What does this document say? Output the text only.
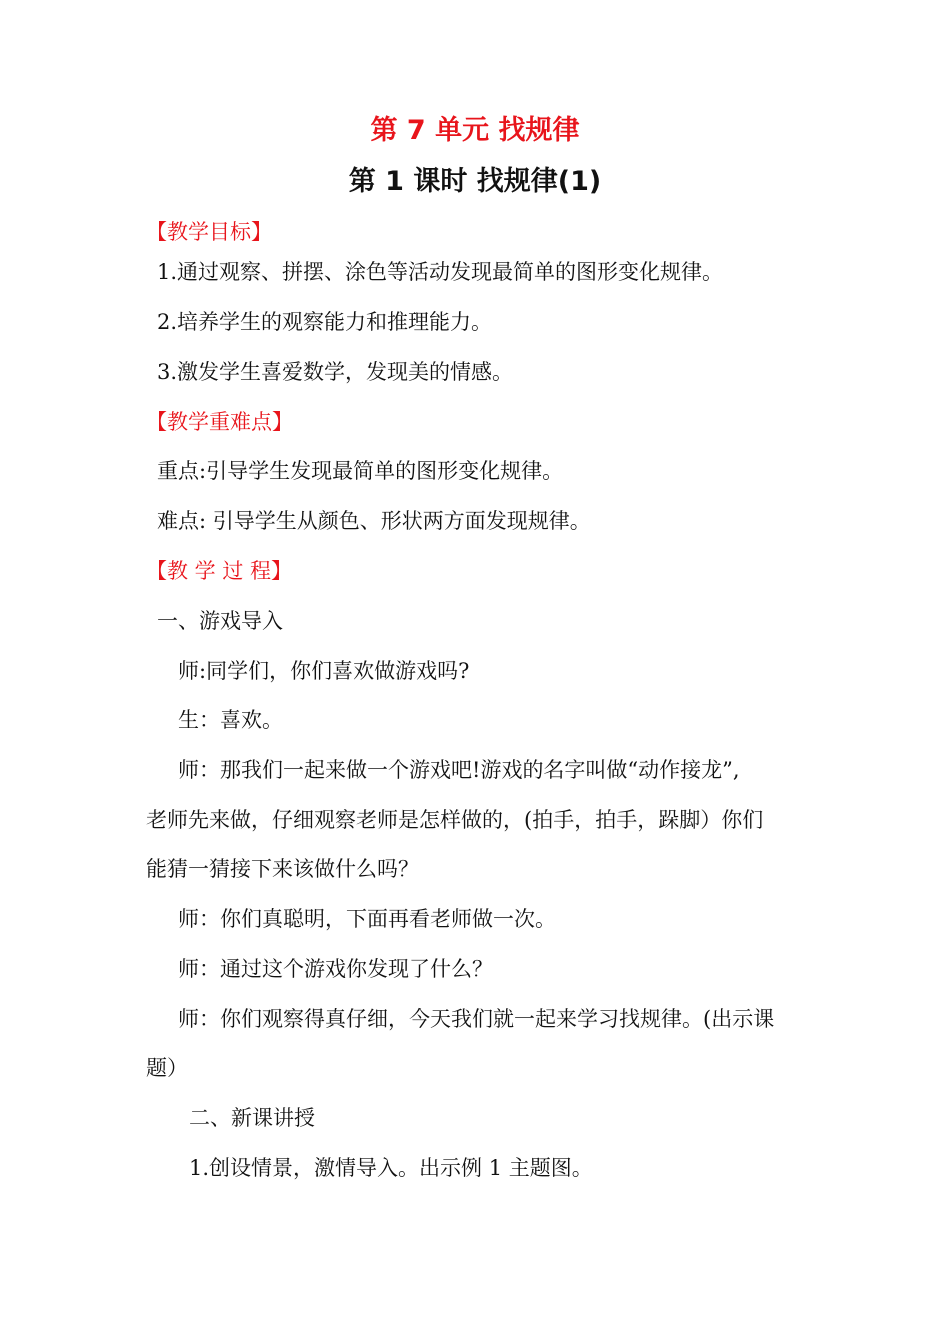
第 7 单元 找规律
第 1 课时 找规律(1)
【教学目标】
1.通过观察、拼摆、涂色等活动发现最简单的图形变化规律。
2.培养学生的观察能力和推理能力。
3.激发学生喜爱数学，发现美的情感。
【教学重难点】
重点:引导学生发现最简单的图形变化规律。
难点: 引导学生从颜色、形状两方面发现规律。
【教 学 过 程】
一、游戏导入
师:同学们，你们喜欢做游戏吗?
生：喜欢。
师：那我们一起来做一个游戏吧!游戏的名字叫做“动作接龙”,
老师先来做，仔细观察老师是怎样做的，(拍手，拍手，跺脚）你们
能猜一猜接下来该做什么吗？
师：你们真聪明，下面再看老师做一次。
师：通过这个游戏你发现了什么？
师：你们观察得真仔细，今天我们就一起来学习找规律。(出示课
题）
二、新课讲授
1.创设情景，激情导入。出示例 1 主题图。
